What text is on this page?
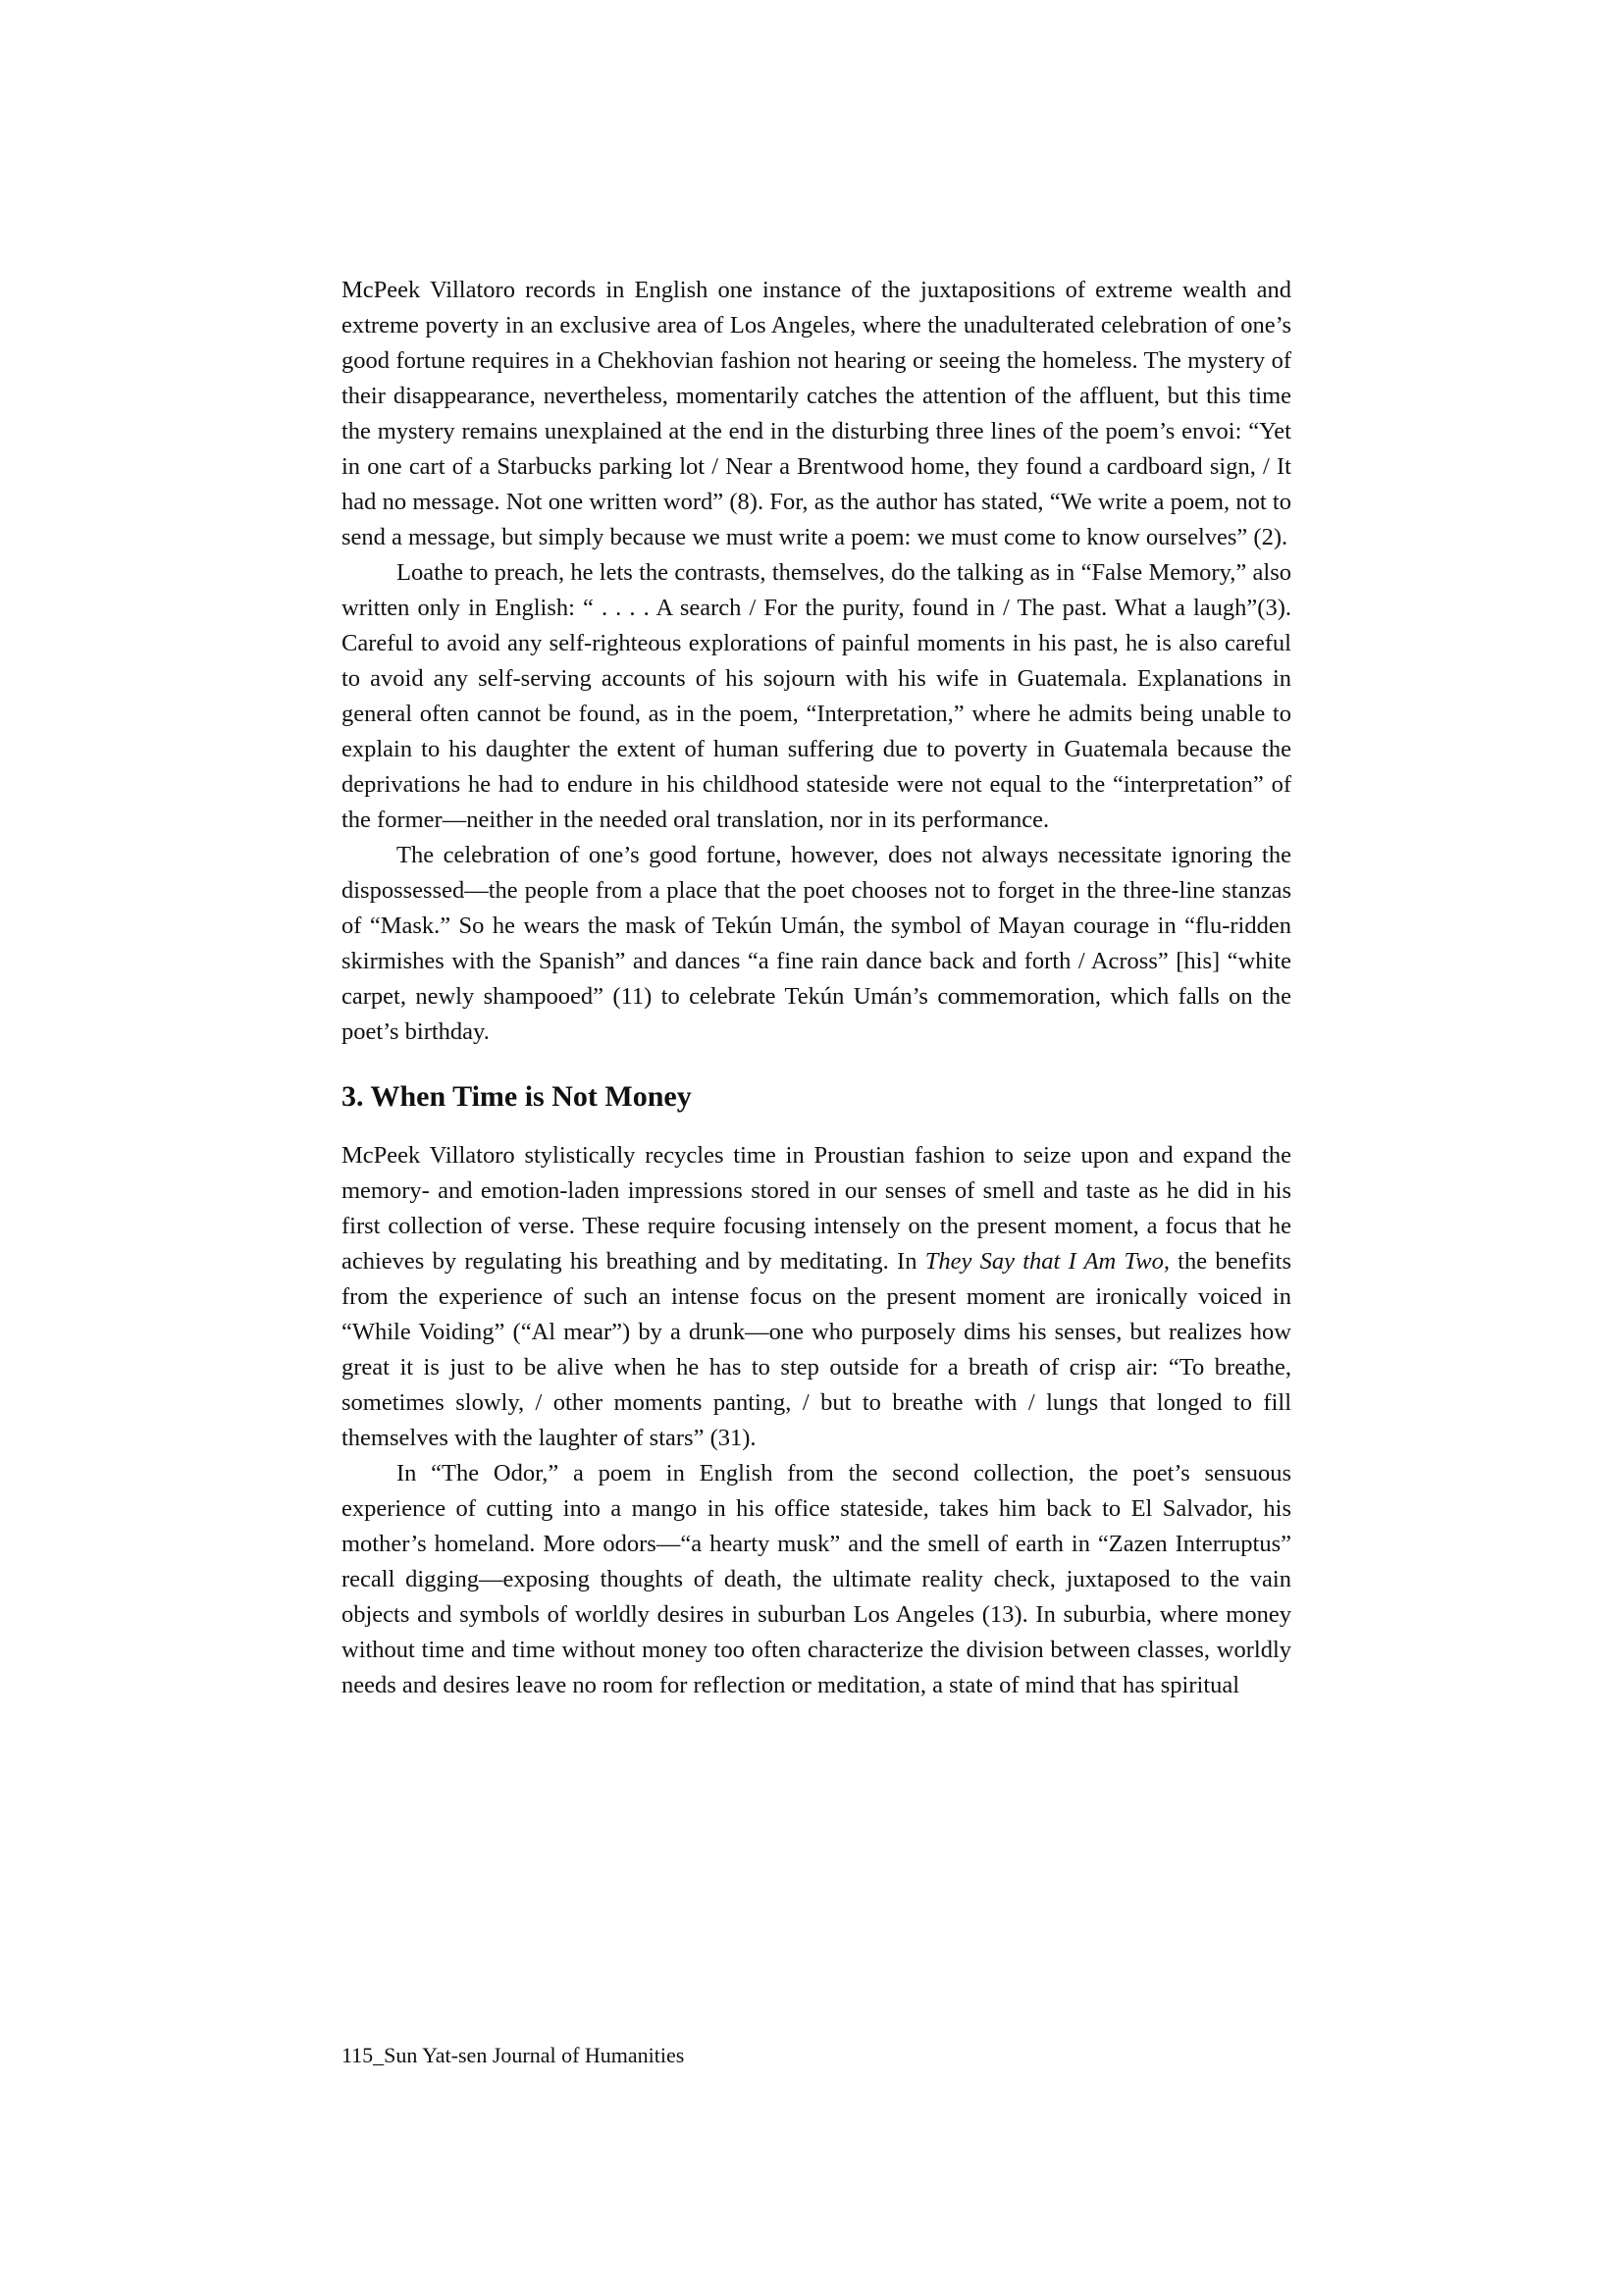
McPeek Villatoro records in English one instance of the juxtapositions of extreme wealth and extreme poverty in an exclusive area of Los Angeles, where the unadulterated celebration of one’s good fortune requires in a Chekhovian fashion not hearing or seeing the homeless. The mystery of their disappearance, nevertheless, momentarily catches the attention of the affluent, but this time the mystery remains unexplained at the end in the disturbing three lines of the poem’s envoi: “Yet in one cart of a Starbucks parking lot / Near a Brentwood home, they found a cardboard sign, / It had no message. Not one written word” (8). For, as the author has stated, “We write a poem, not to send a message, but simply because we must write a poem: we must come to know ourselves” (2).

Loathe to preach, he lets the contrasts, themselves, do the talking as in “False Memory,” also written only in English: “ . . . . A search / For the purity, found in / The past. What a laugh”(3). Careful to avoid any self-righteous explorations of painful moments in his past, he is also careful to avoid any self-serving accounts of his sojourn with his wife in Guatemala. Explanations in general often cannot be found, as in the poem, “Interpretation,” where he admits being unable to explain to his daughter the extent of human suffering due to poverty in Guatemala because the deprivations he had to endure in his childhood stateside were not equal to the “interpretation” of the former—neither in the needed oral translation, nor in its performance.

The celebration of one’s good fortune, however, does not always necessitate ignoring the dispossessed—the people from a place that the poet chooses not to forget in the three-line stanzas of “Mask.” So he wears the mask of Tekún Umán, the symbol of Mayan courage in “flu-ridden skirmishes with the Spanish” and dances “a fine rain dance back and forth / Across” [his] “white carpet, newly shampooed” (11) to celebrate Tekún Umán’s commemoration, which falls on the poet’s birthday.

3. When Time is Not Money

McPeek Villatoro stylistically recycles time in Proustian fashion to seize upon and expand the memory- and emotion-laden impressions stored in our senses of smell and taste as he did in his first collection of verse. These require focusing intensely on the present moment, a focus that he achieves by regulating his breathing and by meditating. In They Say that I Am Two, the benefits from the experience of such an intense focus on the present moment are ironically voiced in “While Voiding” (“Al mear”) by a drunk—one who purposely dims his senses, but realizes how great it is just to be alive when he has to step outside for a breath of crisp air: “To breathe, sometimes slowly, / other moments panting, / but to breathe with / lungs that longed to fill themselves with the laughter of stars” (31).

In “The Odor,” a poem in English from the second collection, the poet’s sensuous experience of cutting into a mango in his office stateside, takes him back to El Salvador, his mother’s homeland. More odors—“a hearty musk” and the smell of earth in “Zazen Interruptus” recall digging—exposing thoughts of death, the ultimate reality check, juxtaposed to the vain objects and symbols of worldly desires in suburban Los Angeles (13). In suburbia, where money without time and time without money too often characterize the division between classes, worldly needs and desires leave no room for reflection or meditation, a state of mind that has spiritual

115_Sun Yat-sen Journal of Humanities
